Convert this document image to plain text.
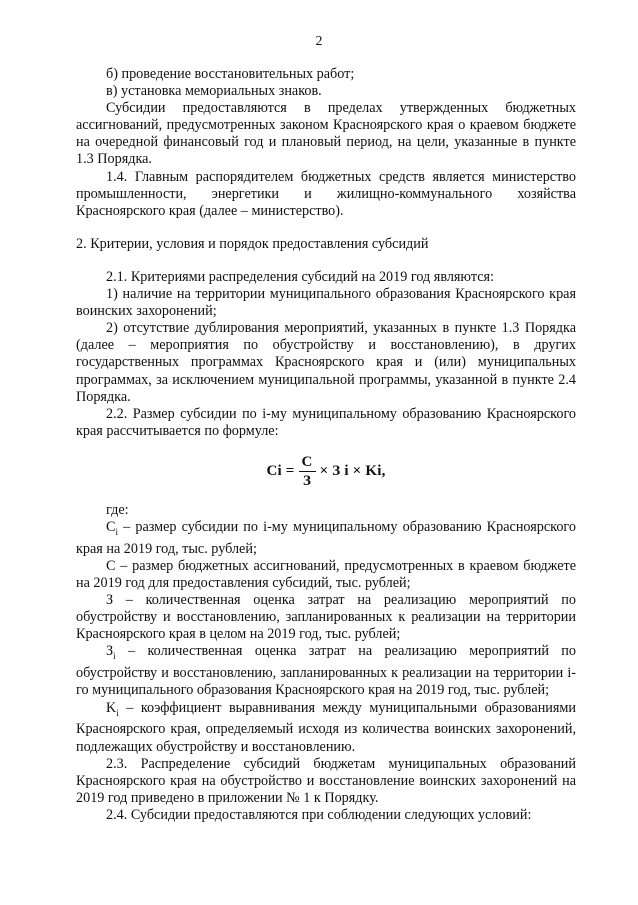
2

б) проведение восстановительных работ;

в) установка мемориальных знаков.

Субсидии предоставляются в пределах утвержденных бюджетных ассигнований, предусмотренных законом Красноярского края о краевом бюджете на очередной финансовый год и плановый период, на цели, указанные в пункте 1.3 Порядка.

1.4. Главным распорядителем бюджетных средств является министерство промышленности, энергетики и жилищно-коммунального хозяйства Красноярского края (далее – министерство).

2. Критерии, условия и порядок предоставления субсидий

2.1. Критериями распределения субсидий на 2019 год являются:

1) наличие на территории муниципального образования Красноярского края воинских захоронений;

2) отсутствие дублирования мероприятий, указанных в пункте 1.3 Порядка (далее – мероприятия по обустройству и восстановлению), в других государственных программах Красноярского края и (или) муниципальных программах, за исключением муниципальной программы, указанной в пункте 2.4 Порядка.

2.2. Размер субсидии по i-му муниципальному образованию Красноярского края рассчитывается по формуле:

$Ci = \frac{С}{З} \times З$ i × Ki,

где:

$C_i$ – размер субсидии по i-му муниципальному образованию Красноярского края на 2019 год, тыс. рублей;

С – размер бюджетных ассигнований, предусмотренных в краевом бюджете на 2019 год для предоставления субсидий, тыс. рублей;

З – количественная оценка затрат на реализацию мероприятий по обустройству и восстановлению, запланированных к реализации на территории Красноярского края в целом на 2019 год, тыс. рублей;

$З_i$ – количественная оценка затрат на реализацию мероприятий по обустройству и восстановлению, запланированных к реализации на территории i-го муниципального образования Красноярского края на 2019 год, тыс. рублей;

$K_i$ – коэффициент выравнивания между муниципальными образованиями Красноярского края, определяемый исходя из количества воинских захоронений, подлежащих обустройству и восстановлению.

2.3. Распределение субсидий бюджетам муниципальных образований Красноярского края на обустройство и восстановление воинских захоронений на 2019 год приведено в приложении № 1 к Порядку.

2.4. Субсидии предоставляются при соблюдении следующих условий:
